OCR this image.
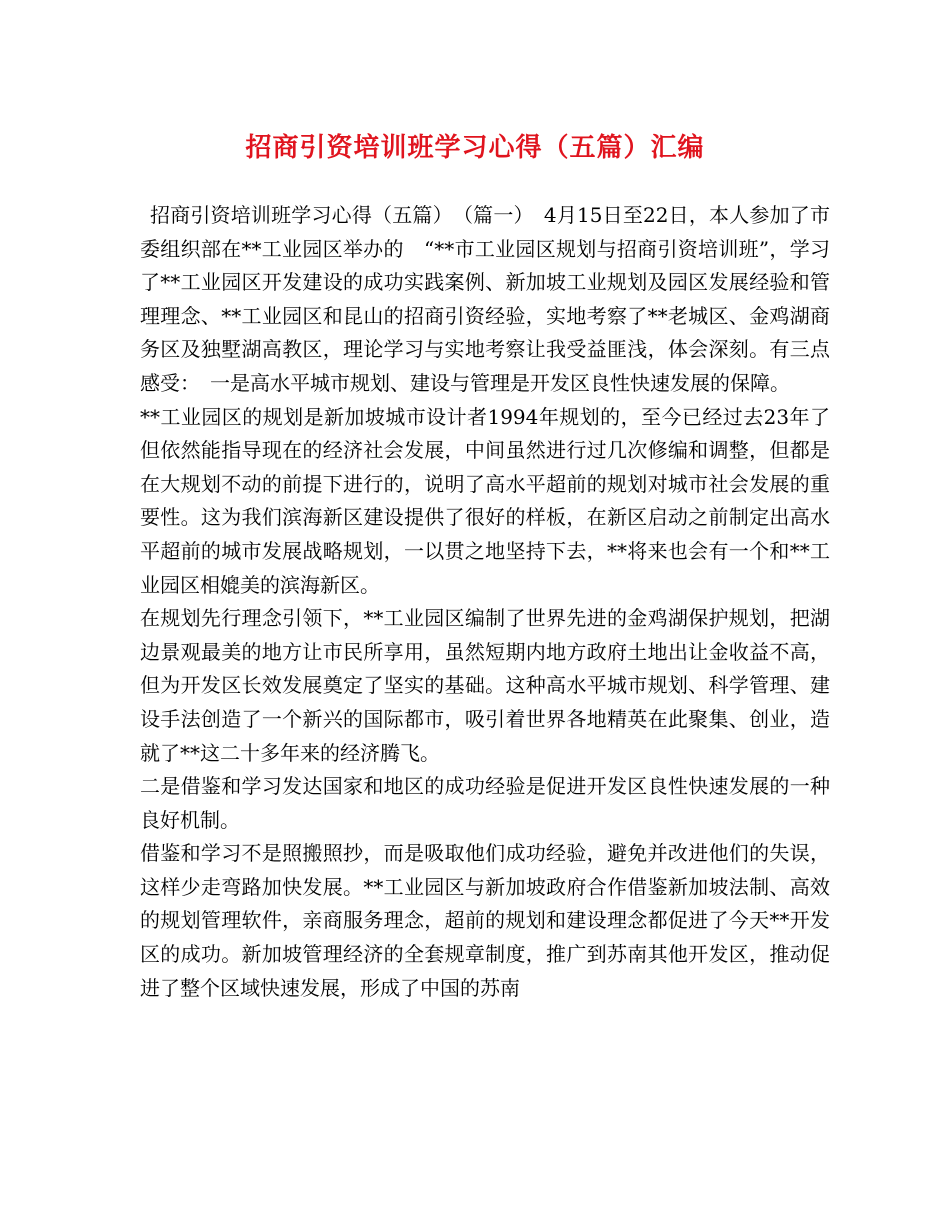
招商引资培训班学习心得（五篇）汇编

招商引资培训班学习心得（五篇）　（篇一）　4月15日至22日，本人参加了市委组织部在**工业园区举办的　“**市工业园区规划与招商引资培训班”，学习了**工业园区开发建设的成功实践案例、新加坡工业规划及园区发展经验和管理理念、**工业园区和昆山的招商引资经验，实地考察了**老城区、金鸡湖商务区及独墅湖高教区，理论学习与实地考察让我受益匪浅，体会深刻。有三点感受：　一是高水平城市规划、建设与管理是开发区良性快速发展的保障。

**工业园区的规划是新加坡城市设计者1994年规划的，至今已经过去23年了但依然能指导现在的经济社会发展，中间虽然进行过几次修编和调整，但都是在大规划不动的前提下进行的，说明了高水平超前的规划对城市社会发展的重要性。这为我们滨海新区建设提供了很好的样板，在新区启动之前制定出高水平超前的城市发展战略规划，一以贯之地坚持下去，**将来也会有一个和**工业园区相媲美的滨海新区。

在规划先行理念引领下，**工业园区编制了世界先进的金鸡湖保护规划，把湖边景观最美的地方让市民所享用，虽然短期内地方政府土地出让金收益不高，但为开发区长效发展奠定了坚实的基础。这种高水平城市规划、科学管理、建设手法创造了一个新兴的国际都市，吸引着世界各地精英在此聚集、创业，造就了**这二十多年来的经济腾飞。

二是借鉴和学习发达国家和地区的成功经验是促进开发区良性快速发展的一种良好机制。

借鉴和学习不是照搬照抄，而是吸取他们成功经验，避免并改进他们的失误，这样少走弯路加快发展。**工业园区与新加坡政府合作借鉴新加坡法制、高效的规划管理软件，亲商服务理念，超前的规划和建设理念都促进了今天**开发区的成功。新加坡管理经济的全套规章制度，推广到苏南其他开发区，推动促进了整个区域快速发展，形成了中国的苏南
